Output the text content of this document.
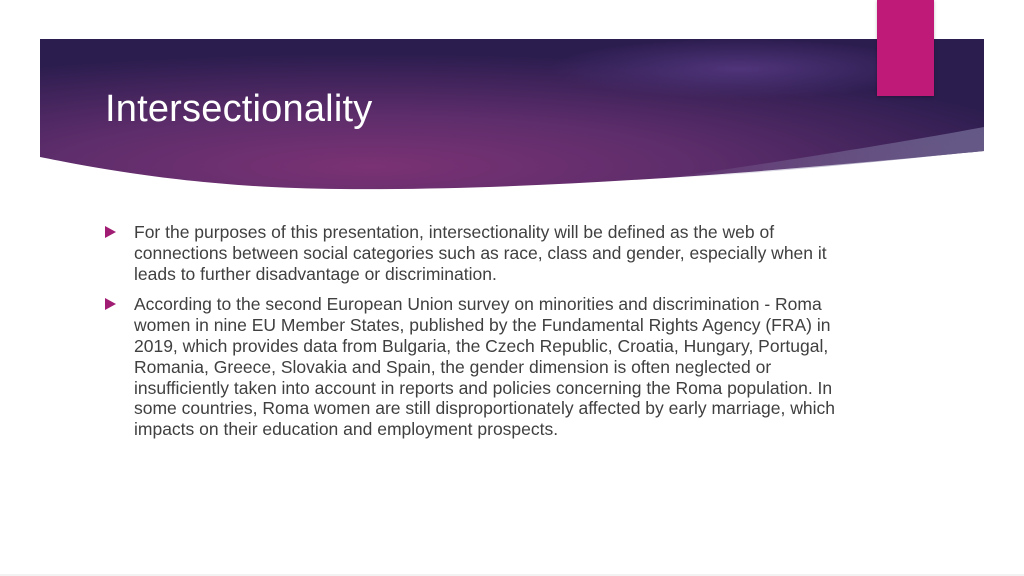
Intersectionality
For the purposes of this presentation, intersectionality will be defined as the web of connections between social categories such as race, class and gender, especially when it leads to further disadvantage or discrimination.
According to the second European Union survey on minorities and discrimination - Roma women in nine EU Member States, published by the Fundamental Rights Agency (FRA) in 2019, which provides data from Bulgaria, the Czech Republic, Croatia, Hungary, Portugal, Romania, Greece, Slovakia and Spain, the gender dimension is often neglected or insufficiently taken into account in reports and policies concerning the Roma population. In some countries, Roma women are still disproportionately affected by early marriage, which impacts on their education and employment prospects.
